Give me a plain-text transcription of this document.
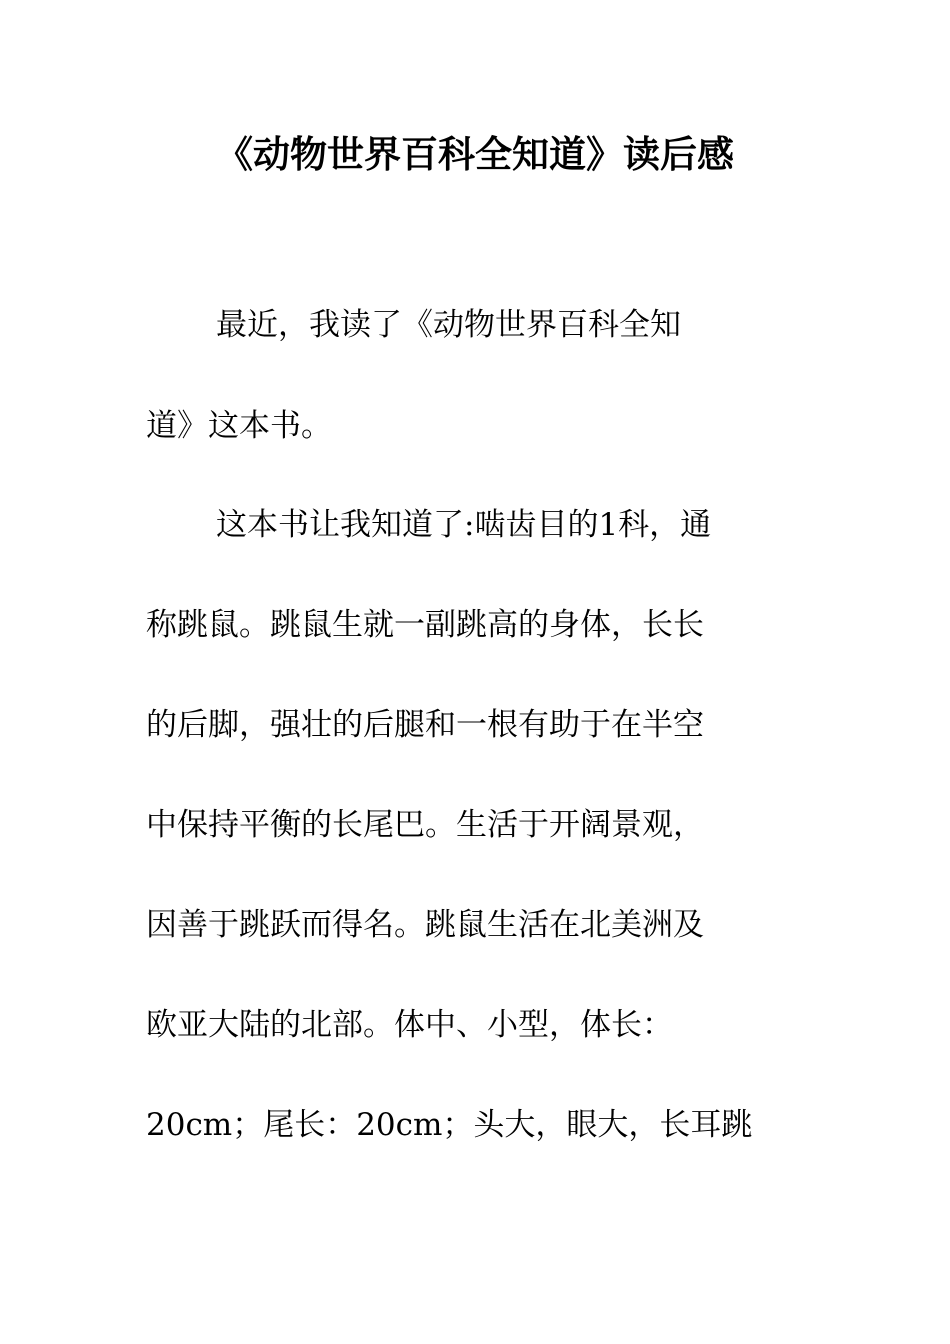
《动物世界百科全知道》读后感

最近，我读了《动物世界百科全知

道》这本书。

这本书让我知道了:啮齿目的1科，通

称跳鼠。跳鼠生就一副跳高的身体，长长

的后脚，强壮的后腿和一根有助于在半空

中保持平衡的长尾巴。生活于开阔景观，

因善于跳跃而得名。跳鼠生活在北美洲及

欧亚大陆的北部。体中、小型，体长：

20cm；尾长：20cm；头大，眼大，长耳跳
